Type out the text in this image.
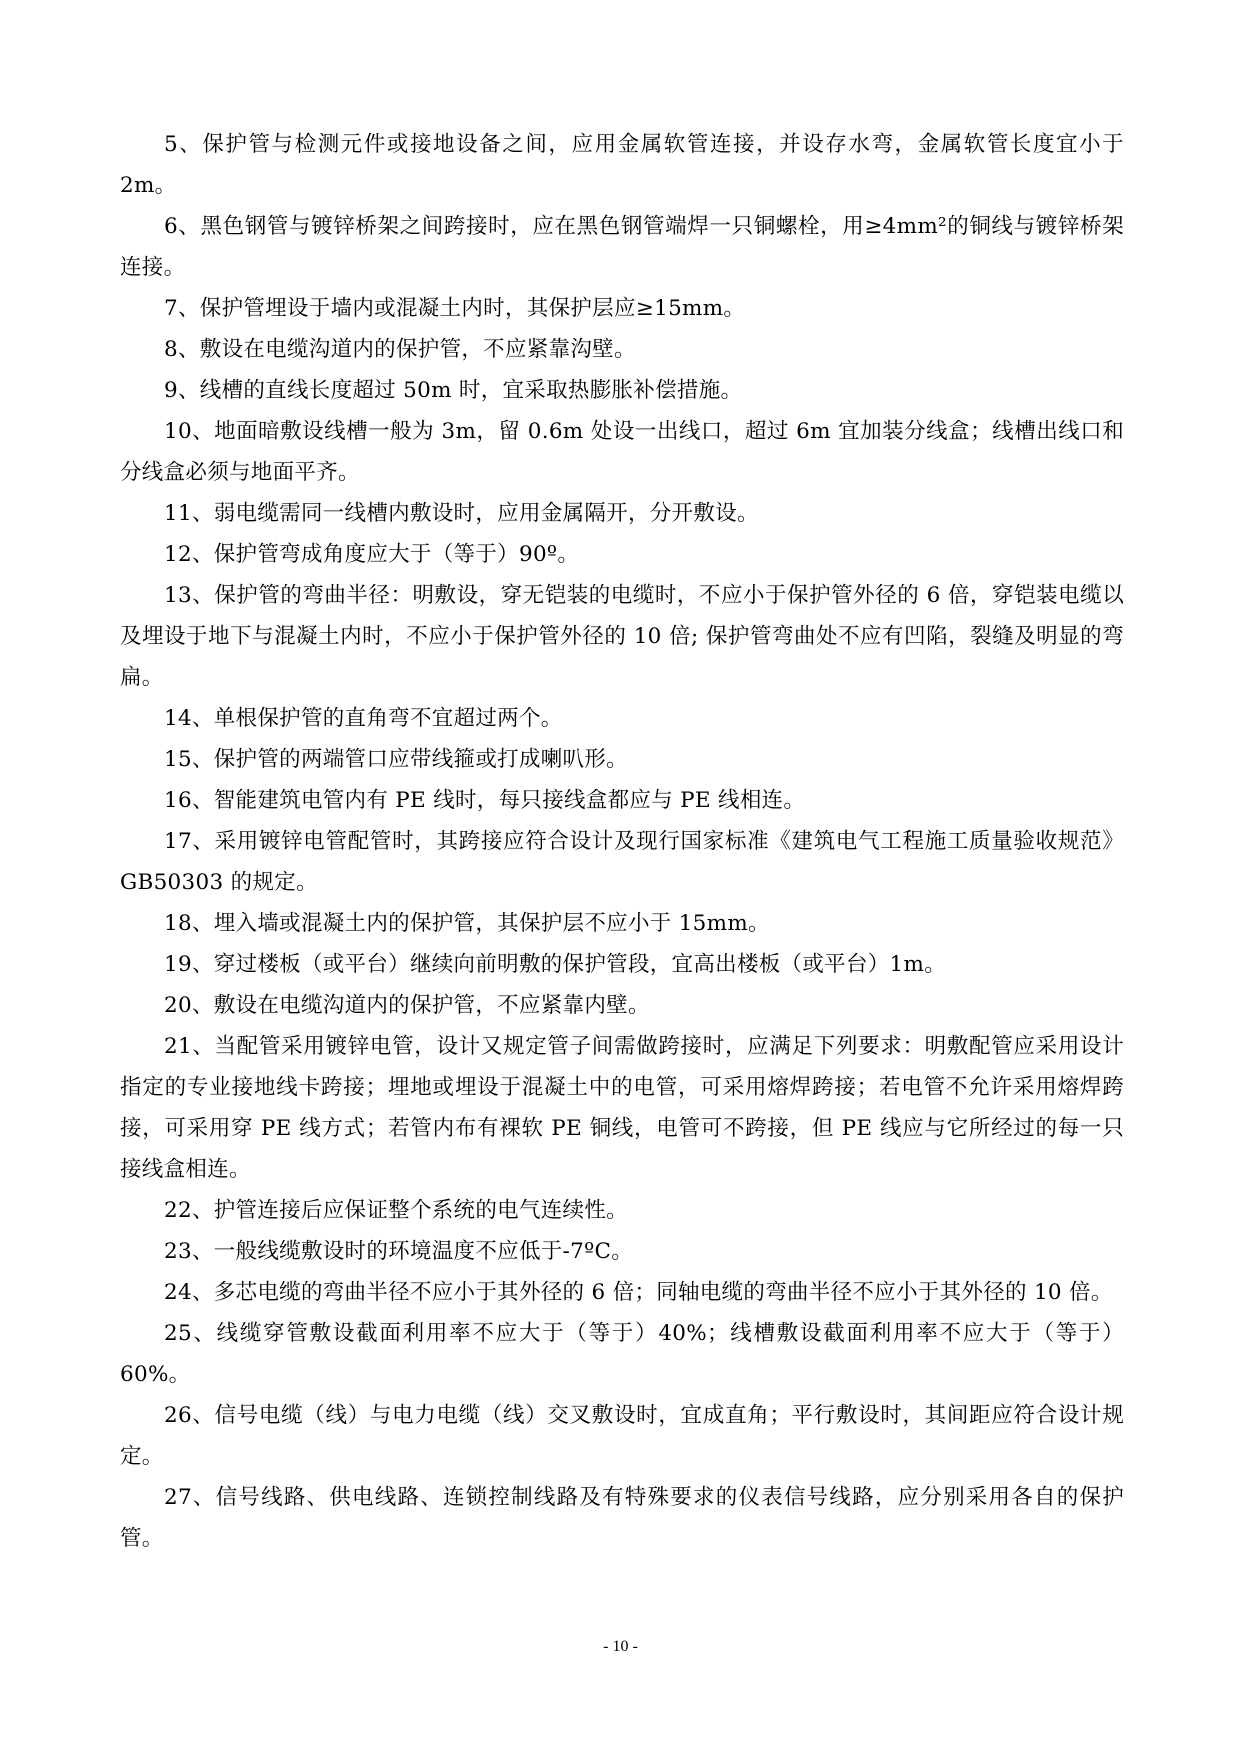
5、保护管与检测元件或接地设备之间，应用金属软管连接，并设存水弯，金属软管长度宜小于 2m。

6、黑色钢管与镀锌桥架之间跨接时，应在黑色钢管端焊一只铜螺栓，用≥4mm²的铜线与镀锌桥架连接。

7、保护管埋设于墙内或混凝土内时，其保护层应≥15mm。

8、敷设在电缆沟道内的保护管，不应紧靠沟壁。

9、线槽的直线长度超过 50m 时，宜采取热膨胀补偿措施。

10、地面暗敷设线槽一般为 3m，留 0.6m 处设一出线口，超过 6m 宜加装分线盒；线槽出线口和分线盒必须与地面平齐。

11、弱电缆需同一线槽内敷设时，应用金属隔开，分开敷设。

12、保护管弯成角度应大于（等于）90º。

13、保护管的弯曲半径：明敷设，穿无铠装的电缆时，不应小于保护管外径的 6 倍，穿铠装电缆以及埋设于地下与混凝土内时，不应小于保护管外径的 10 倍; 保护管弯曲处不应有凹陷，裂缝及明显的弯扁。

14、单根保护管的直角弯不宜超过两个。

15、保护管的两端管口应带线箍或打成喇叭形。

16、智能建筑电管内有 PE 线时，每只接线盒都应与 PE 线相连。

17、采用镀锌电管配管时，其跨接应符合设计及现行国家标准《建筑电气工程施工质量验收规范》GB50303 的规定。

18、埋入墙或混凝土内的保护管，其保护层不应小于 15mm。

19、穿过楼板（或平台）继续向前明敷的保护管段，宜高出楼板（或平台）1m。

20、敷设在电缆沟道内的保护管，不应紧靠内壁。

21、当配管采用镀锌电管，设计又规定管子间需做跨接时，应满足下列要求：明敷配管应采用设计指定的专业接地线卡跨接；埋地或埋设于混凝土中的电管，可采用熔焊跨接；若电管不允许采用熔焊跨接，可采用穿 PE 线方式；若管内布有裸软 PE 铜线，电管可不跨接，但 PE 线应与它所经过的每一只接线盒相连。

22、护管连接后应保证整个系统的电气连续性。

23、一般线缆敷设时的环境温度不应低于-7ºC。

24、多芯电缆的弯曲半径不应小于其外径的 6 倍；同轴电缆的弯曲半径不应小于其外径的 10 倍。

25、线缆穿管敷设截面利用率不应大于（等于）40%；线槽敷设截面利用率不应大于（等于）60%。

26、信号电缆（线）与电力电缆（线）交叉敷设时，宜成直角；平行敷设时，其间距应符合设计规定。

27、信号线路、供电线路、连锁控制线路及有特殊要求的仪表信号线路，应分别采用各自的保护管。

- 10 -
